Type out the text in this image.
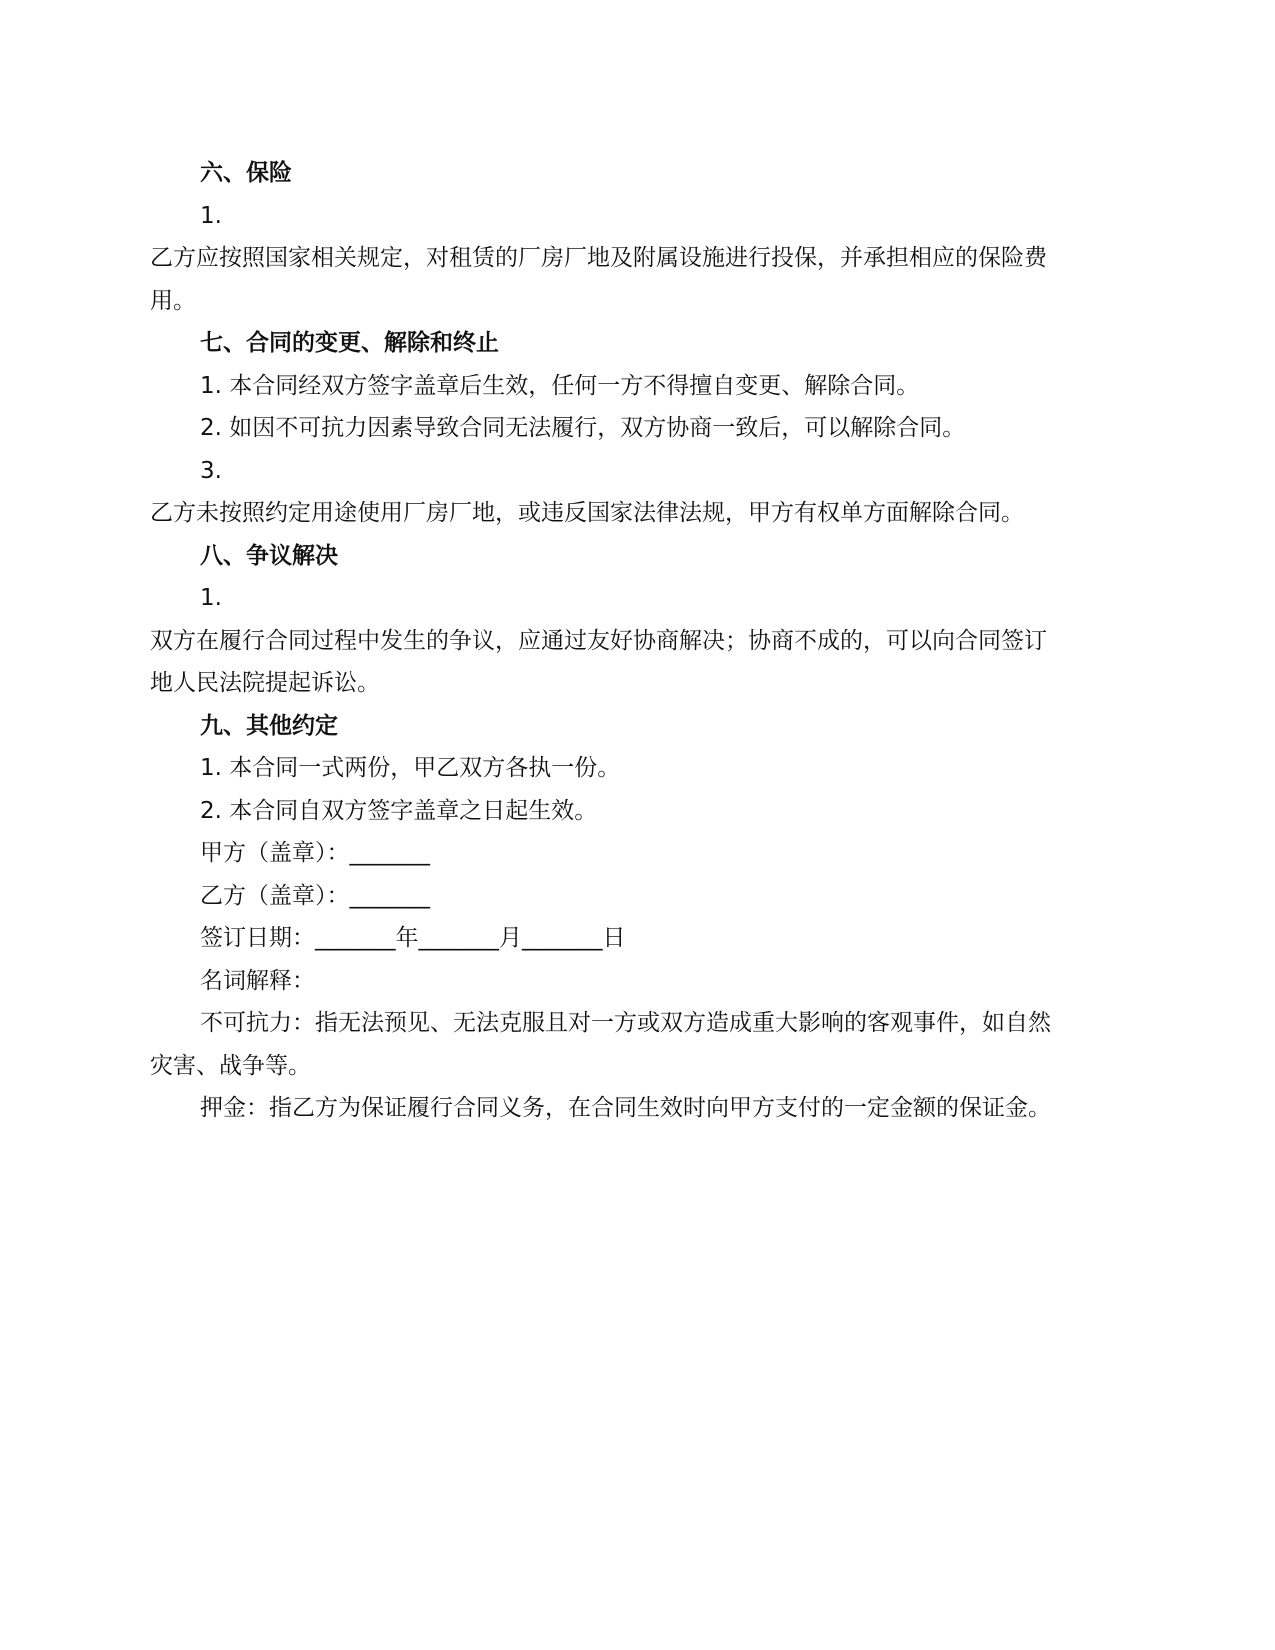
六、保险
1.
乙方应按照国家相关规定，对租赁的厂房厂地及附属设施进行投保，并承担相应的保险费
用。
七、合同的变更、解除和终止
1. 本合同经双方签字盖章后生效，任何一方不得擅自变更、解除合同。
2. 如因不可抗力因素导致合同无法履行，双方协商一致后，可以解除合同。
3.
乙方未按照约定用途使用厂房厂地，或违反国家法律法规，甲方有权单方面解除合同。
八、争议解决
1.
双方在履行合同过程中发生的争议，应通过友好协商解决；协商不成的，可以向合同签订
地人民法院提起诉讼。
九、其他约定
1. 本合同一式两份，甲乙双方各执一份。
2. 本合同自双方签字盖章之日起生效。
甲方（盖章）：_______
乙方（盖章）：_______
签订日期：_______年_______月_______日
名词解释：
不可抗力：指无法预见、无法克服且对一方或双方造成重大影响的客观事件，如自然
灾害、战争等。
押金：指乙方为保证履行合同义务，在合同生效时向甲方支付的一定金额的保证金。
